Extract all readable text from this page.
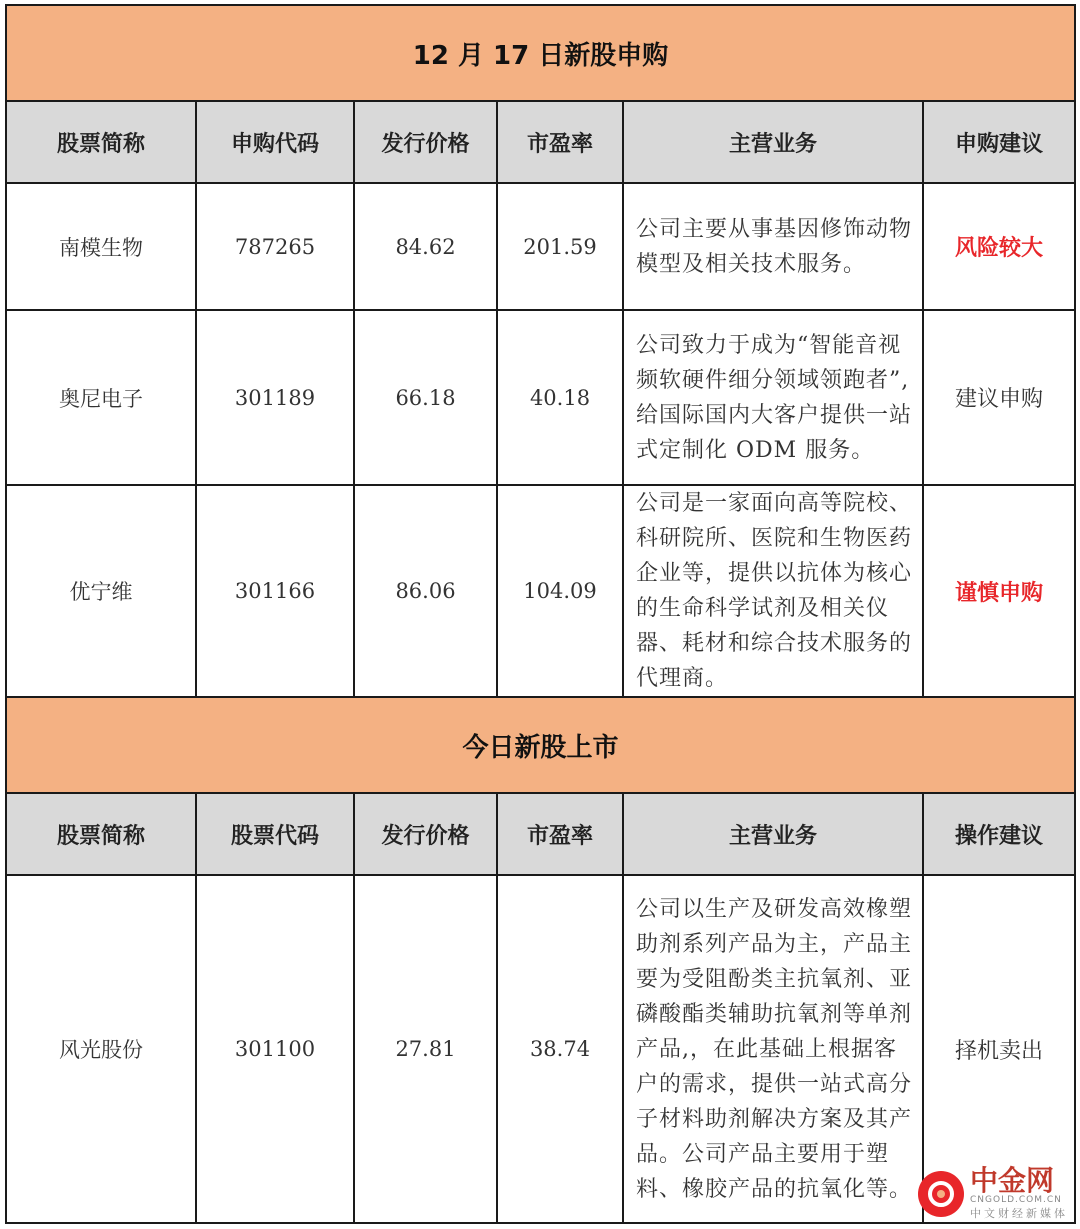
12 月 17 日新股申购					
股票简称	申购代码	发行价格	市盈率	主营业务	申购建议
南模生物	787265	84.62	201.59	公司主要从事基因修饰动物模型及相关技术服务。	风险较大
奥尼电子	301189	66.18	40.18	公司致力于成为“智能音视频软硬件细分领域领跑者”,给国际国内大客户提供一站式定制化 ODM 服务。	建议申购
优宁维	301166	86.06	104.09	公司是一家面向高等院校、科研院所、医院和生物医药企业等，提供以抗体为核心的生命科学试剂及相关仪器、耗材和综合技术服务的代理商。	谨慎申购
今日新股上市					
股票简称	股票代码	发行价格	市盈率	主营业务	操作建议
风光股份	301100	27.81	38.74	公司以生产及研发高效橡塑助剂系列产品为主，产品主要为受阻酚类主抗氧剂、亚磷酸酯类辅助抗氧剂等单剂产品,，在此基础上根据客户的需求，提供一站式高分子材料助剂解决方案及其产品。公司产品主要用于塑料、橡胶产品的抗氧化等。	择机卖出
中金网
CNGOLD.COM.CN
中文财经新媒体
